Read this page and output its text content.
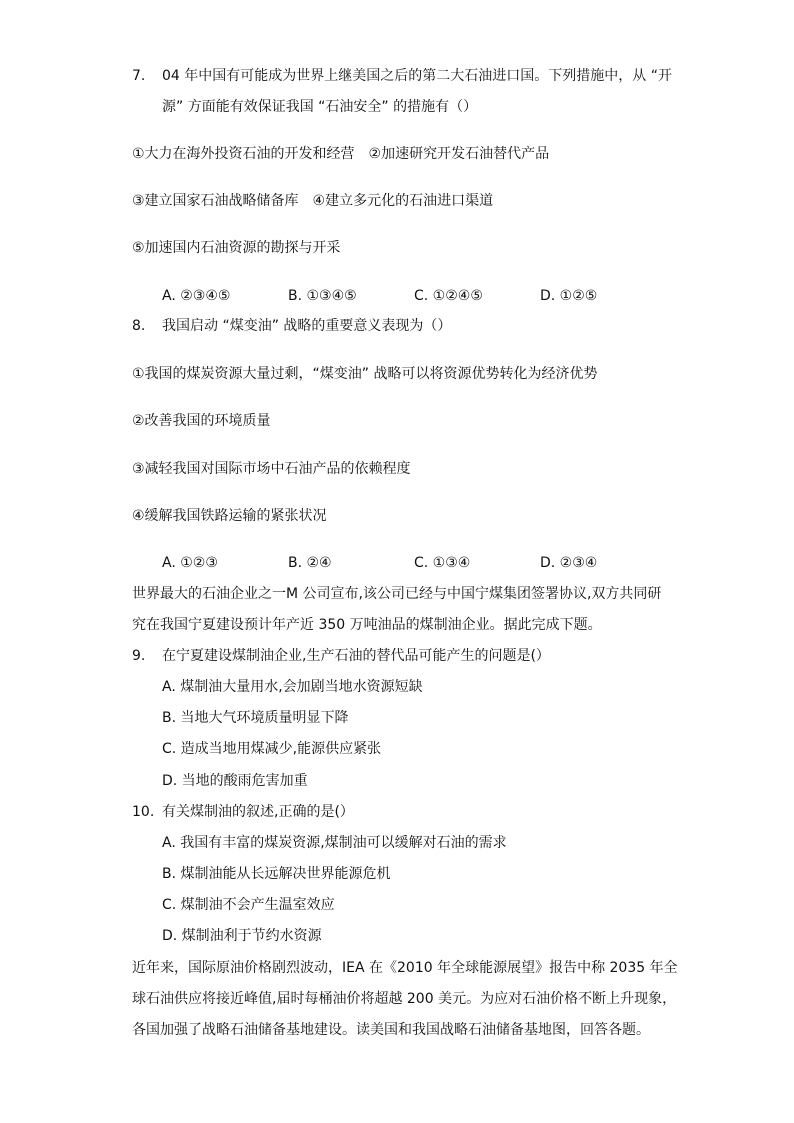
7. 04 年中国有可能成为世界上继美国之后的第二大石油进口国。下列措施中，从 “开
源” 方面能有效保证我国 “石油安全” 的措施有（）
①大力在海外投资石油的开发和经营　②加速研究开发石油替代产品
③建立国家石油战略储备库　④建立多元化的石油进口渠道
⑤加速国内石油资源的勘探与开采
A. ②③④⑤	B. ①③④⑤	C. ①②④⑤	D. ①②⑤
8. 我国启动 “煤变油” 战略的重要意义表现为（）
①我国的煤炭资源大量过剩，“煤变油” 战略可以将资源优势转化为经济优势
②改善我国的环境质量
③减轻我国对国际市场中石油产品的依赖程度
④缓解我国铁路运输的紧张状况
A. ①②③	B. ②④	C. ①③④	D. ②③④
世界最大的石油企业之一M 公司宣布,该公司已经与中国宁煤集团签署协议,双方共同研
究在我国宁夏建设预计年产近 350 万吨油品的煤制油企业。据此完成下题。
9. 在宁夏建设煤制油企业,生产石油的替代品可能产生的问题是(）
A. 煤制油大量用水,会加剧当地水资源短缺
B. 当地大气环境质量明显下降
C. 造成当地用煤减少,能源供应紧张
D. 当地的酸雨危害加重
10. 有关煤制油的叙述,正确的是(）
A. 我国有丰富的煤炭资源,煤制油可以缓解对石油的需求
B. 煤制油能从长远解决世界能源危机
C. 煤制油不会产生温室效应
D. 煤制油利于节约水资源
近年来，国际原油价格剧烈波动，IEA 在《2010 年全球能源展望》报告中称 2035 年全
球石油供应将接近峰值,届时每桶油价将超越 200 美元。为应对石油价格不断上升现象，
各国加强了战略石油储备基地建设。读美国和我国战略石油储备基地图，回答各题。
